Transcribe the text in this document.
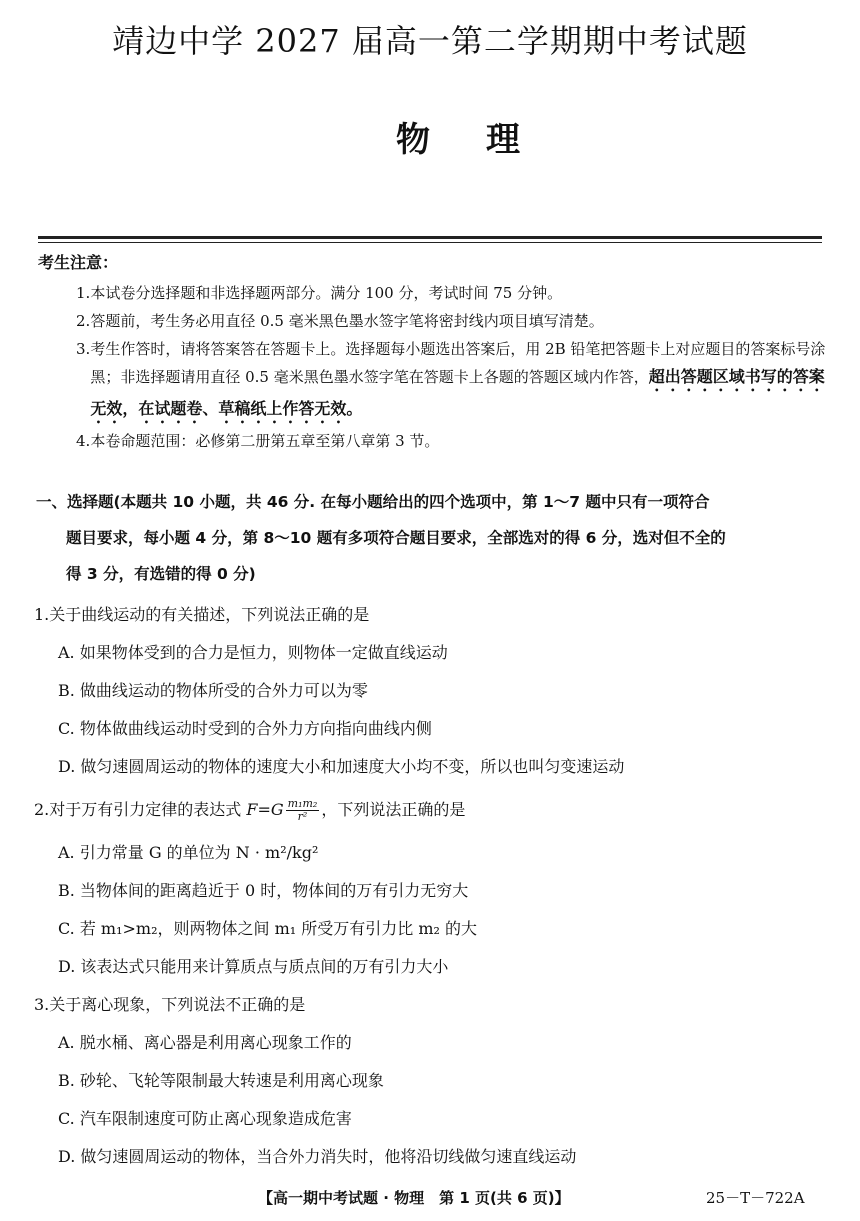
靖边中学 2027 届高一第二学期期中考试题
物理
考生注意：
1. 本试卷分选择题和非选择题两部分。满分 100 分，考试时间 75 分钟。
2. 答题前，考生务必用直径 0.5 毫米黑色墨水签字笔将密封线内项目填写清楚。
3. 考生作答时，请将答案答在答题卡上。选择题每小题选出答案后，用 2B 铅笔把答题卡上对应题目的答案标号涂黑；非选择题请用直径 0.5 毫米黑色墨水签字笔在答题卡上各题的答题区域内作答，超出答题区域书写的答案无效，在试题卷、草稿纸上作答无效。
4. 本卷命题范围：必修第二册第五章至第八章第 3 节。
一、选择题(本题共 10 小题，共 46 分. 在每小题给出的四个选项中，第 1～7 题中只有一项符合
题目要求，每小题 4 分，第 8～10 题有多项符合题目要求，全部选对的得 6 分，选对但不全的
得 3 分，有选错的得 0 分)
1.关于曲线运动的有关描述，下列说法正确的是
A. 如果物体受到的合力是恒力，则物体一定做直线运动
B. 做曲线运动的物体所受的合外力可以为零
C. 物体做曲线运动时受到的合外力方向指向曲线内侧
D. 做匀速圆周运动的物体的速度大小和加速度大小均不变，所以也叫匀变速运动
2.对于万有引力定律的表达式 $F=G \frac{\text{m₁m₂}}{\text{r²}}$ ，下列说法正确的是
A. 引力常量 G 的单位为 N · m²/kg²
B. 当物体间的距离趋近于 0 时，物体间的万有引力无穷大
C. 若 m₁>m₂，则两物体之间 m₁ 所受万有引力比 m₂ 的大
D. 该表达式只能用来计算质点与质点间的万有引力大小
3.关于离心现象，下列说法不正确的是
A. 脱水桶、离心器是利用离心现象工作的
B. 砂轮、飞轮等限制最大转速是利用离心现象
C. 汽车限制速度可防止离心现象造成危害
D. 做匀速圆周运动的物体，当合外力消失时，他将沿切线做匀速直线运动
【高一期中考试题 · 物理　第 1 页(共 6 页)】	25－T－722A
